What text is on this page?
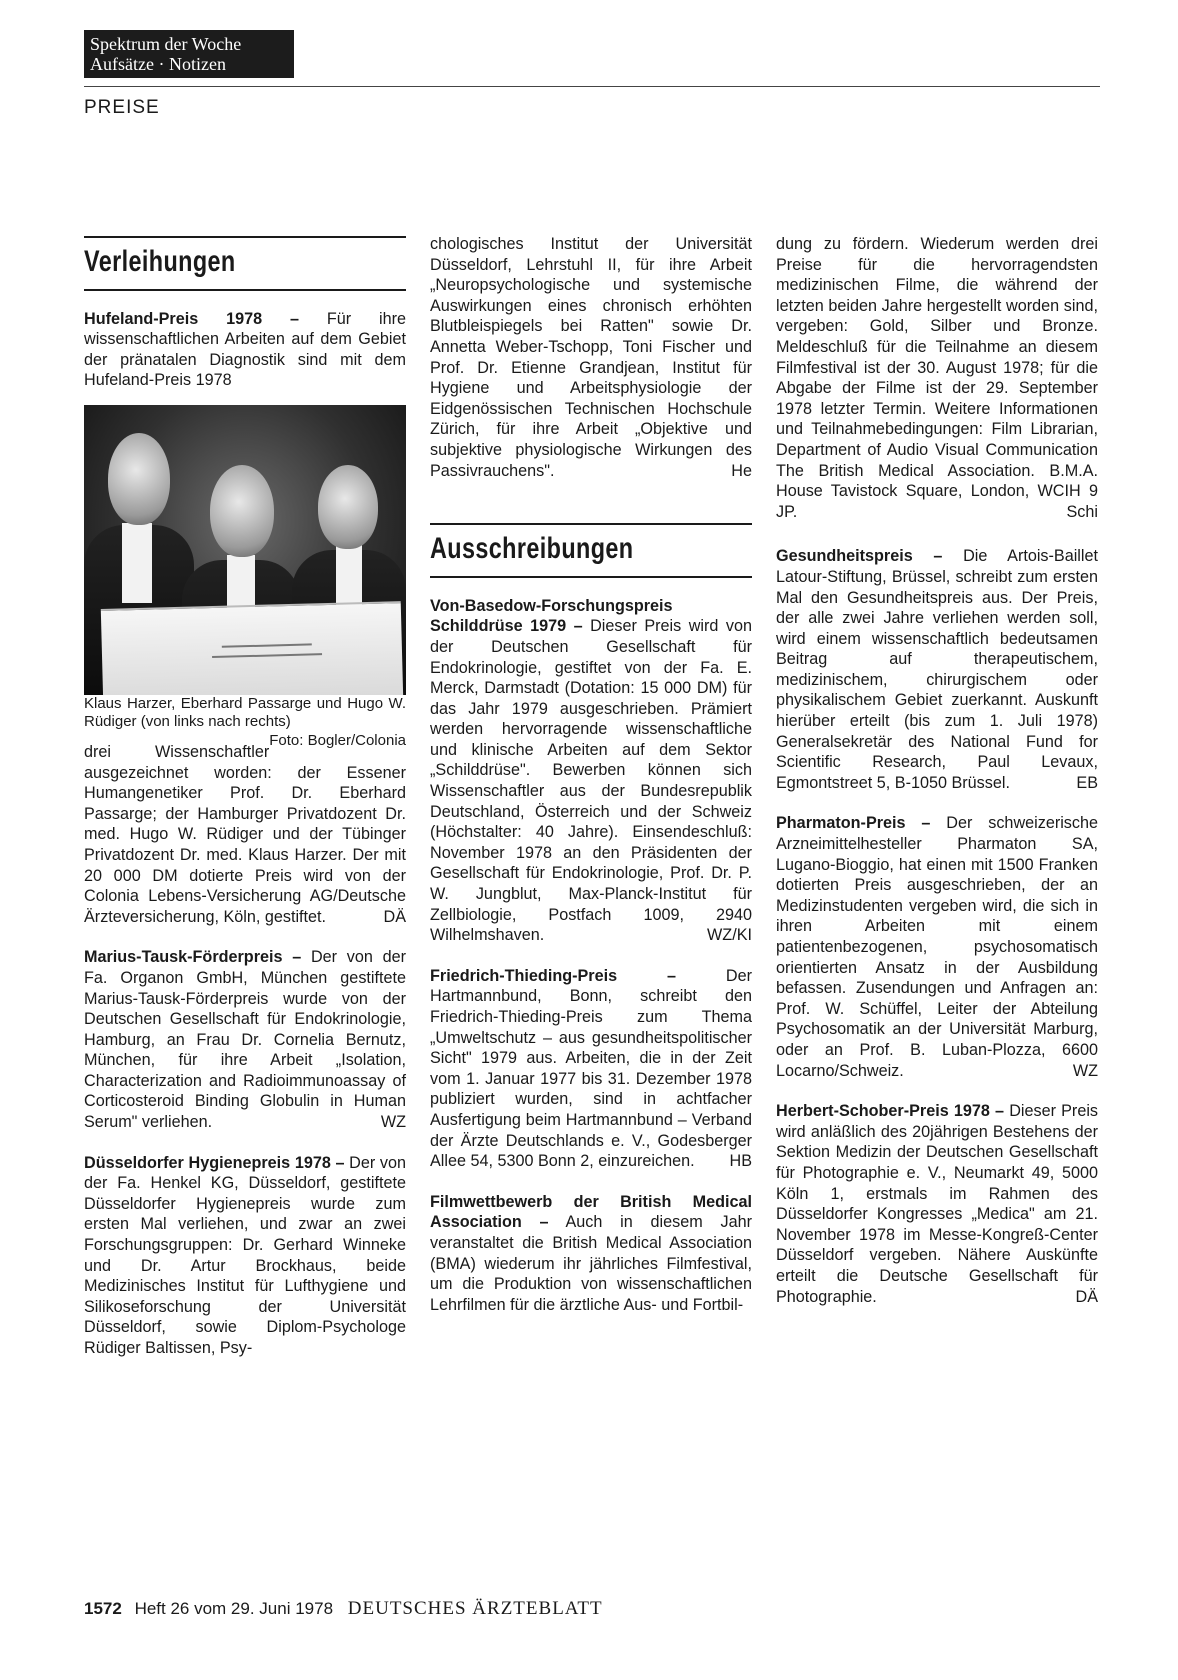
Spektrum der Woche
Aufsätze · Notizen
PREISE
Verleihungen

Hufeland-Preis 1978 – Für ihre wissenschaftlichen Arbeiten auf dem Gebiet der pränatalen Diagnostik sind mit dem Hufeland-Preis 1978

Klaus Harzer, Eberhard Passarge und Hugo W. Rüdiger (von links nach rechts)
Foto: Bogler/Colonia

drei Wissenschaftler ausgezeichnet worden: der Essener Humangenetiker Prof. Dr. Eberhard Passarge; der Hamburger Privatdozent Dr. med. Hugo W. Rüdiger und der Tübinger Privatdozent Dr. med. Klaus Harzer. Der mit 20 000 DM dotierte Preis wird von der Colonia Lebens-Versicherung AG/Deutsche Ärzteversicherung, Köln, gestiftet.	DÄ

Marius-Tausk-Förderpreis – Der von der Fa. Organon GmbH, München gestiftete Marius-Tausk-Förderpreis wurde von der Deutschen Gesellschaft für Endokrinologie, Hamburg, an Frau Dr. Cornelia Bernutz, München, für ihre Arbeit „Isolation, Characterization and Radioimmunoassay of Corticosteroid Binding Globulin in Human Serum" verliehen.	WZ

Düsseldorfer Hygienepreis 1978 – Der von der Fa. Henkel KG, Düsseldorf, gestiftete Düsseldorfer Hygienepreis wurde zum ersten Mal verliehen, und zwar an zwei Forschungsgruppen: Dr. Gerhard Winneke und Dr. Artur Brockhaus, beide Medizinisches Institut für Lufthygiene und Silikoseforschung der Universität Düsseldorf, sowie Diplom-Psychologe Rüdiger Baltissen, Psy-

chologisches Institut der Universität Düsseldorf, Lehrstuhl II, für ihre Arbeit „Neuropsychologische und systemische Auswirkungen eines chronisch erhöhten Blutbleispiegels bei Ratten" sowie Dr. Annetta Weber-Tschopp, Toni Fischer und Prof. Dr. Etienne Grandjean, Institut für Hygiene und Arbeitsphysiologie der Eidgenössischen Technischen Hochschule Zürich, für ihre Arbeit „Objektive und subjektive physiologische Wirkungen des Passivrauchens".	He

Ausschreibungen

Von-Basedow-Forschungspreis Schilddrüse 1979 – Dieser Preis wird von der Deutschen Gesellschaft für Endokrinologie, gestiftet von der Fa. E. Merck, Darmstadt (Dotation: 15 000 DM) für das Jahr 1979 ausgeschrieben. Prämiert werden hervorragende wissenschaftliche und klinische Arbeiten auf dem Sektor „Schilddrüse". Bewerben können sich Wissenschaftler aus der Bundesrepublik Deutschland, Österreich und der Schweiz (Höchstalter: 40 Jahre). Einsendeschluß: November 1978 an den Präsidenten der Gesellschaft für Endokrinologie, Prof. Dr. P. W. Jungblut, Max-Planck-Institut für Zellbiologie, Postfach 1009, 2940 Wilhelmshaven.	WZ/KI

Friedrich-Thieding-Preis –	Der Hartmannbund, Bonn, schreibt den Friedrich-Thieding-Preis zum Thema „Umweltschutz – aus gesundheitspolitischer Sicht" 1979 aus. Arbeiten, die in der Zeit vom 1. Januar 1977 bis 31. Dezember 1978 publiziert wurden, sind in achtfacher Ausfertigung beim Hartmannbund – Verband der Ärzte Deutschlands e. V., Godesberger Allee 54, 5300 Bonn 2, einzureichen. HB

Filmwettbewerb der British Medical Association – Auch in diesem Jahr veranstaltet die British Medical Association (BMA) wiederum ihr jährliches Filmfestival, um die Produktion von wissenschaftlichen Lehrfilmen für die ärztliche Aus- und Fortbil-

dung zu fördern. Wiederum werden drei Preise für die hervorragendsten medizinischen Filme, die während der letzten beiden Jahre hergestellt worden sind, vergeben: Gold, Silber und Bronze. Meldeschluß für die Teilnahme an diesem Filmfestival ist der 30. August 1978; für die Abgabe der Filme ist der 29. September 1978 letzter Termin. Weitere Informationen und Teilnahmebedingungen: Film Librarian, Department of Audio Visual Communication The British Medical Association. B.M.A. House Tavistock Square, London, WCIH 9 JP.	Schi

Gesundheitspreis – Die Artois-Baillet Latour-Stiftung, Brüssel, schreibt zum ersten Mal den Gesundheitspreis aus. Der Preis, der alle zwei Jahre verliehen werden soll, wird einem wissenschaftlich bedeutsamen Beitrag auf therapeutischem, medizinischem, chirurgischem oder physikalischem Gebiet zuerkannt. Auskunft hierüber erteilt (bis zum 1. Juli 1978) Generalsekretär des National Fund for Scientific Research, Paul Levaux, Egmontstreet 5, B-1050 Brüssel.	EB

Pharmaton-Preis – Der schweizerische Arzneimittelhesteller Pharmaton SA, Lugano-Bioggio, hat einen mit 1500 Franken dotierten Preis ausgeschrieben, der an Medizinstudenten vergeben wird, die sich in ihren Arbeiten mit einem patientenbezogenen, psychosomatisch orientierten Ansatz in der Ausbildung befassen. Zusendungen und Anfragen an: Prof. W. Schüffel, Leiter der Abteilung Psychosomatik an der Universität Marburg, oder an Prof. B. Luban-Plozza, 6600 Locarno/Schweiz.	WZ

Herbert-Schober-Preis 1978 – Dieser Preis wird anläßlich des 20jährigen Bestehens der Sektion Medizin der Deutschen Gesellschaft für Photographie e. V., Neumarkt 49, 5000 Köln 1, erstmals im Rahmen des Düsseldorfer Kongresses „Medica" am 21. November 1978 im Messe-Kongreß-Center Düsseldorf vergeben. Nähere Auskünfte erteilt die Deutsche Gesellschaft für Photographie.	DÄ

1572 Heft 26 vom 29. Juni 1978 DEUTSCHES ÄRZTEBLATT
